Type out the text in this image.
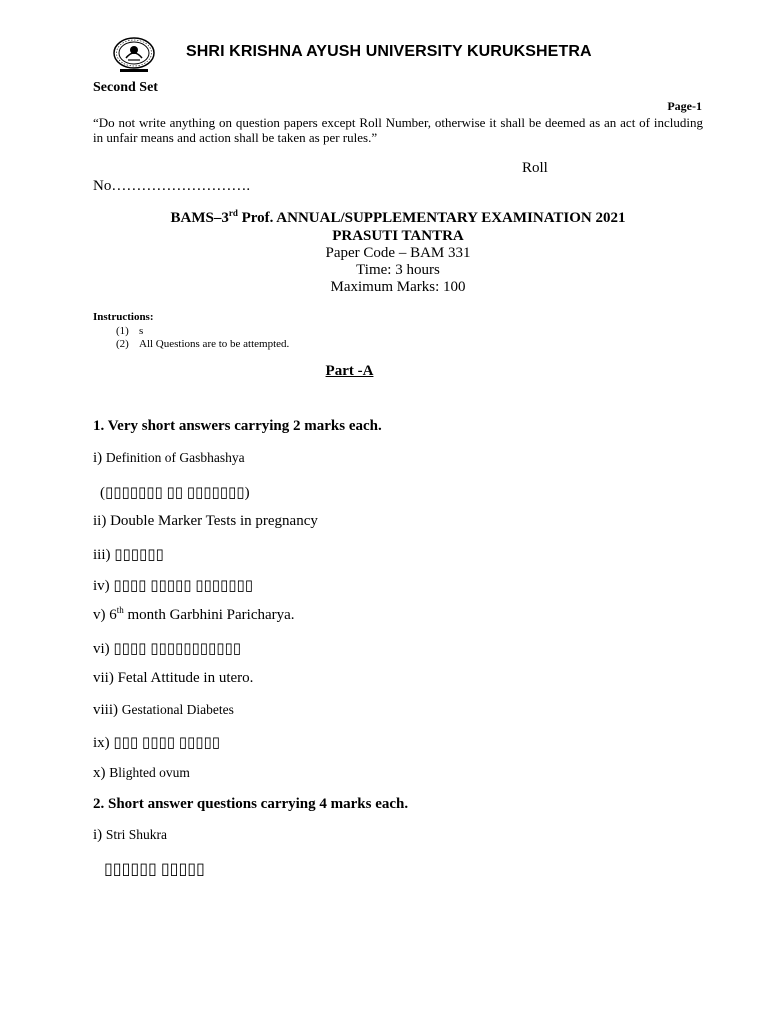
SHRI KRISHNA AYUSH UNIVERSITY KURUKSHETRA
Second Set
Page-1
“Do not write anything on question papers except Roll Number, otherwise it shall be deemed as an act of including in unfair means and action shall be taken as per rules.”
Roll
No……………………….
BAMS–3rd Prof. ANNUAL/SUPPLEMENTARY EXAMINATION 2021
PRASUTI TANTRA
Paper Code – BAM 331
Time: 3 hours
Maximum Marks: 100
Instructions:
(1) s
(2) All Questions are to be attempted.
Part -A
1. Very short answers carrying 2 marks each.
i) Definition of Gasbhashya
(▯▯▯▯▯▯▯ ▯▯ ▯▯▯▯▯▯▯)
ii) Double Marker Tests in pregnancy
iii) ▯▯▯▯▯▯
iv) ▯▯▯▯ ▯▯▯▯▯ ▯▯▯▯▯▯▯
v) 6th month Garbhini Paricharya.
vi) ▯▯▯▯ ▯▯▯▯▯▯▯▯▯▯▯
vii) Fetal Attitude in utero.
viii) Gestational Diabetes
ix) ▯▯▯ ▯▯▯▯ ▯▯▯▯▯
x) Blighted ovum
2. Short answer questions carrying 4 marks each.
i) Stri Shukra
▯▯▯▯▯▯ ▯▯▯▯▯
